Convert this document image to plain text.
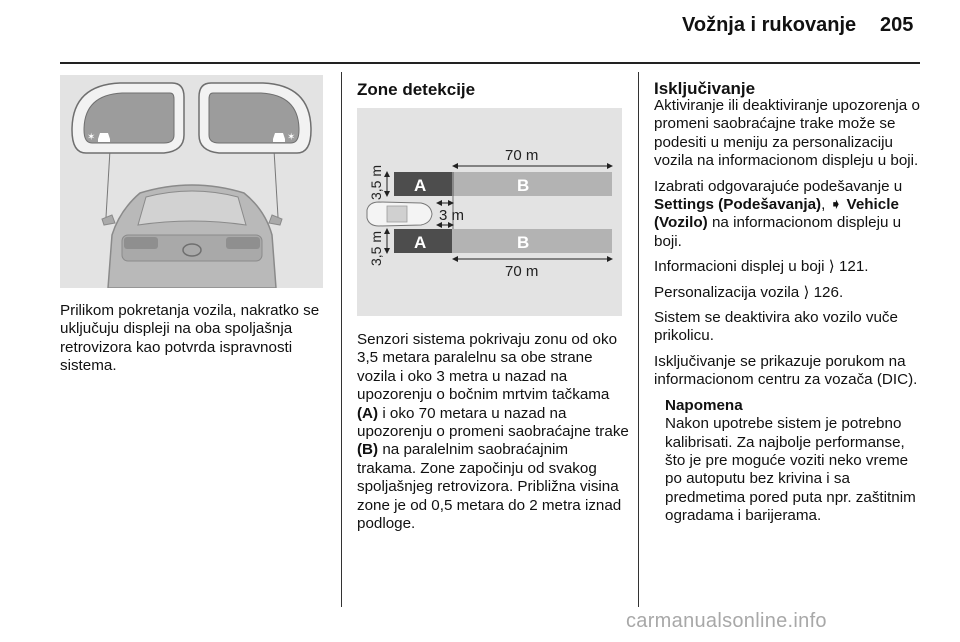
Vožnja i rukovanje 205
✶	✶

Prilikom pokretanja vozila, nakratko se uključuju displeji na oba spoljašnja retrovizora kao potvrda ispravnosti sistema.

Zone detekcije
70 m
A	B
3,5 m
3 m
A	B
3,5 m
70 m

Senzori sistema pokrivaju zonu od oko 3,5 metara paralelnu sa obe strane vozila i oko 3 metra u nazad na upozorenju o bočnim mrtvim tačkama (A) i oko 70 metara u nazad na upozorenju o promeni saobraćajne trake (B) na paralelnim saobraćajnim trakama. Zone započinju od svakog spoljašnjeg retrovizora. Približna visina zone je od 0,5 metara do 2 metra iznad podloge.

Isključivanje

Aktiviranje ili deaktiviranje upozorenja o promeni saobraćajne trake može se podesiti u meniju za personalizaciju vozila na informacionom displeju u boji.

Izabrati odgovarajuće podešavanje u Settings (Podešavanja), ➧ Vehicle (Vozilo) na informacionom displeju u boji.

Informacioni displej u boji ⟩ 121.

Personalizacija vozila ⟩ 126.

Sistem se deaktivira ako vozilo vuče prikolicu.

Isključivanje se prikazuje porukom na informacionom centru za vozača (DIC).

Napomena
Nakon upotrebe sistem je potrebno kalibrisati. Za najbolje performanse, što je pre moguće voziti neko vreme po autoputu bez krivina i sa predmetima pored puta npr. zaštitnim ogradama i barijerama.
carmanualsonline.info
